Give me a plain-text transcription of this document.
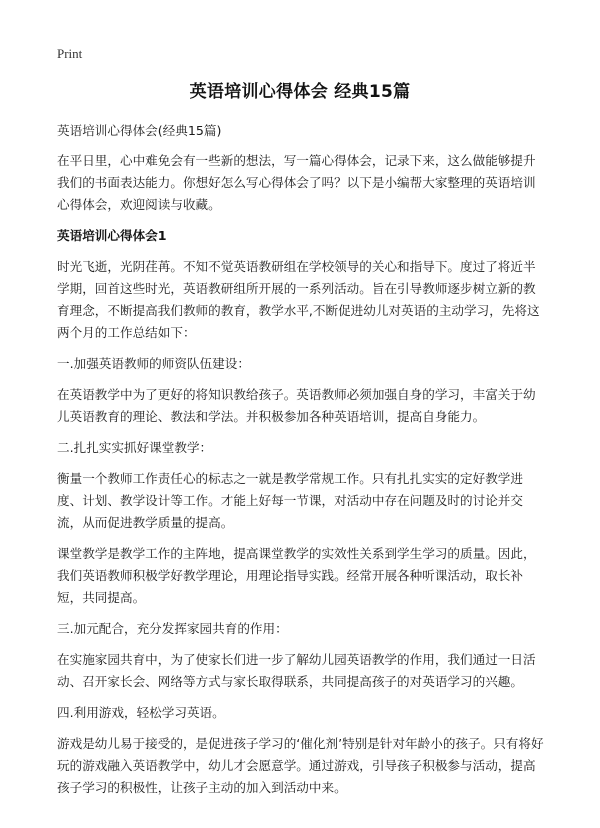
Print
英语培训心得体会 经典15篇

英语培训心得体会(经典15篇)

在平日里，心中难免会有一些新的想法，写一篇心得体会，记录下来，这么做能够提升我们的书面表达能力。你想好怎么写心得体会了吗？以下是小编帮大家整理的英语培训心得体会，欢迎阅读与收藏。

英语培训心得体会1

时光飞逝，光阴荏苒。不知不觉英语教研组在学校领导的关心和指导下。度过了将近半学期，回首这些时光，英语教研组所开展的一系列活动。旨在引导教师逐步树立新的教育理念，不断提高我们教师的教育，教学水平,不断促进幼儿对英语的主动学习，先将这两个月的工作总结如下：

一.加强英语教师的师资队伍建设：

在英语教学中为了更好的将知识教给孩子。英语教师必须加强自身的学习，丰富关于幼儿英语教育的理论、教法和学法。并积极参加各种英语培训，提高自身能力。

二.扎扎实实抓好课堂教学：

衡量一个教师工作责任心的标志之一就是教学常规工作。只有扎扎实实的定好教学进度、计划、教学设计等工作。才能上好每一节课，对活动中存在问题及时的讨论并交流，从而促进教学质量的提高。

课堂教学是教学工作的主阵地，提高课堂教学的实效性关系到学生学习的质量。因此，我们英语教师积极学好教学理论，用理论指导实践。经常开展各种听课活动，取长补短，共同提高。

三.加元配合，充分发挥家园共育的作用：

在实施家园共育中，为了使家长们进一步了解幼儿园英语教学的作用，我们通过一日活动、召开家长会、网络等方式与家长取得联系，共同提高孩子的对英语学习的兴趣。

四.利用游戏，轻松学习英语。

游戏是幼儿易于接受的，是促进孩子学习的‘催化剂’特别是针对年龄小的孩子。只有将好玩的游戏融入英语教学中，幼儿才会愿意学。通过游戏，引导孩子积极参与活动，提高孩子学习的积极性，让孩子主动的加入到活动中来。
